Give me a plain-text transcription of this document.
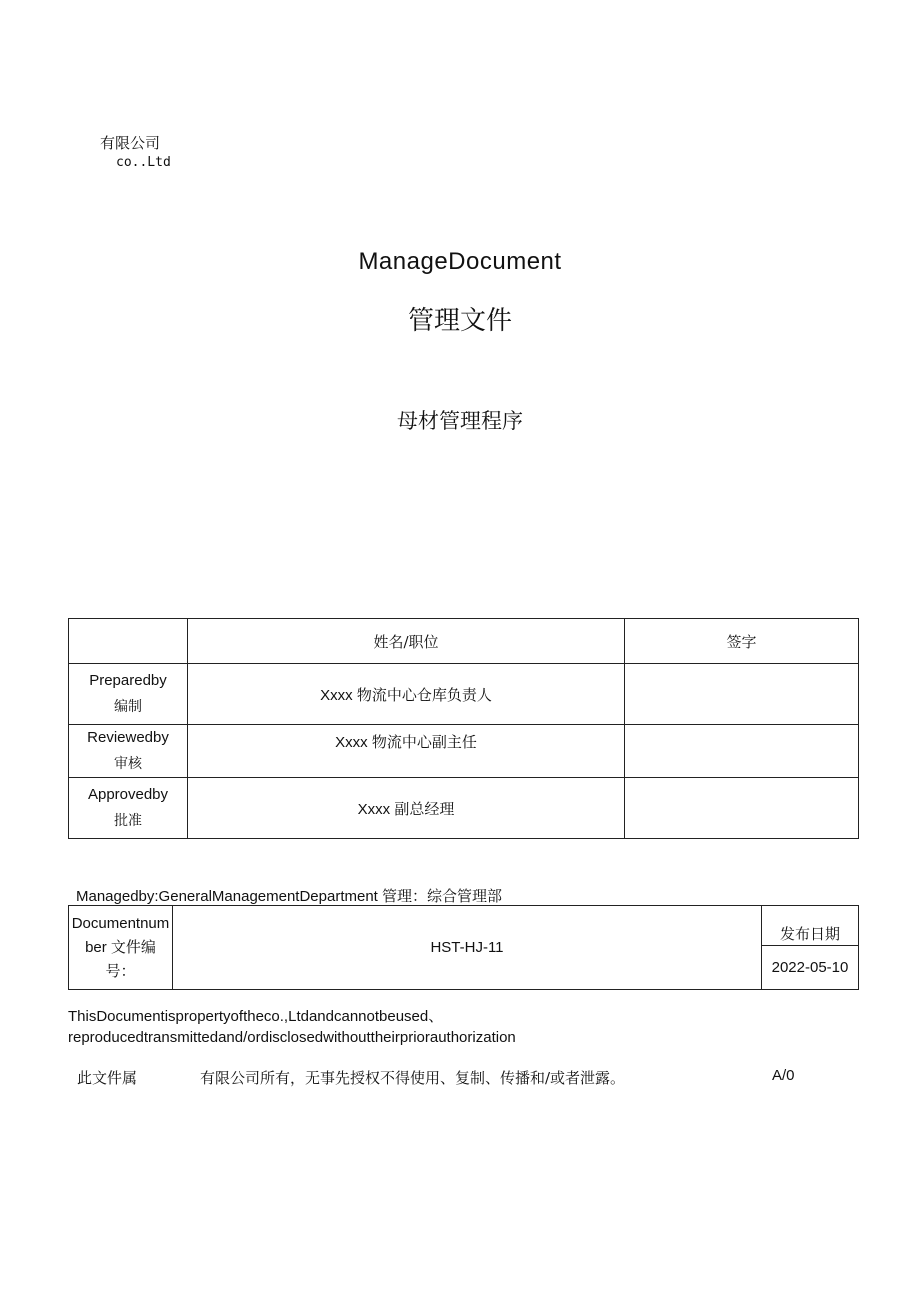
有限公司
co..Ltd
ManageDocument
管理文件
母材管理程序
	姓名/职位	签字

Preparedby
编制	Xxxx 物流中心仓库负责人	

Reviewedby
审核	Xxxx 物流中心副主任	

Approvedby
批准	Xxxx 副总经理	
Managedby:GeneralManagementDepartment 管理：综合管理部
Documentnum
ber 文件编
号：
	HST-HJ-11	发布日期
2022-05-10
ThisDocumentispropertyoftheco.,Ltdandcannotbeused、
reproducedtransmittedand/ordisclosedwithouttheirpriorauthorization
此文件属	有限公司所有，无事先授权不得使用、复制、传播和/或者泄露。	A/0
